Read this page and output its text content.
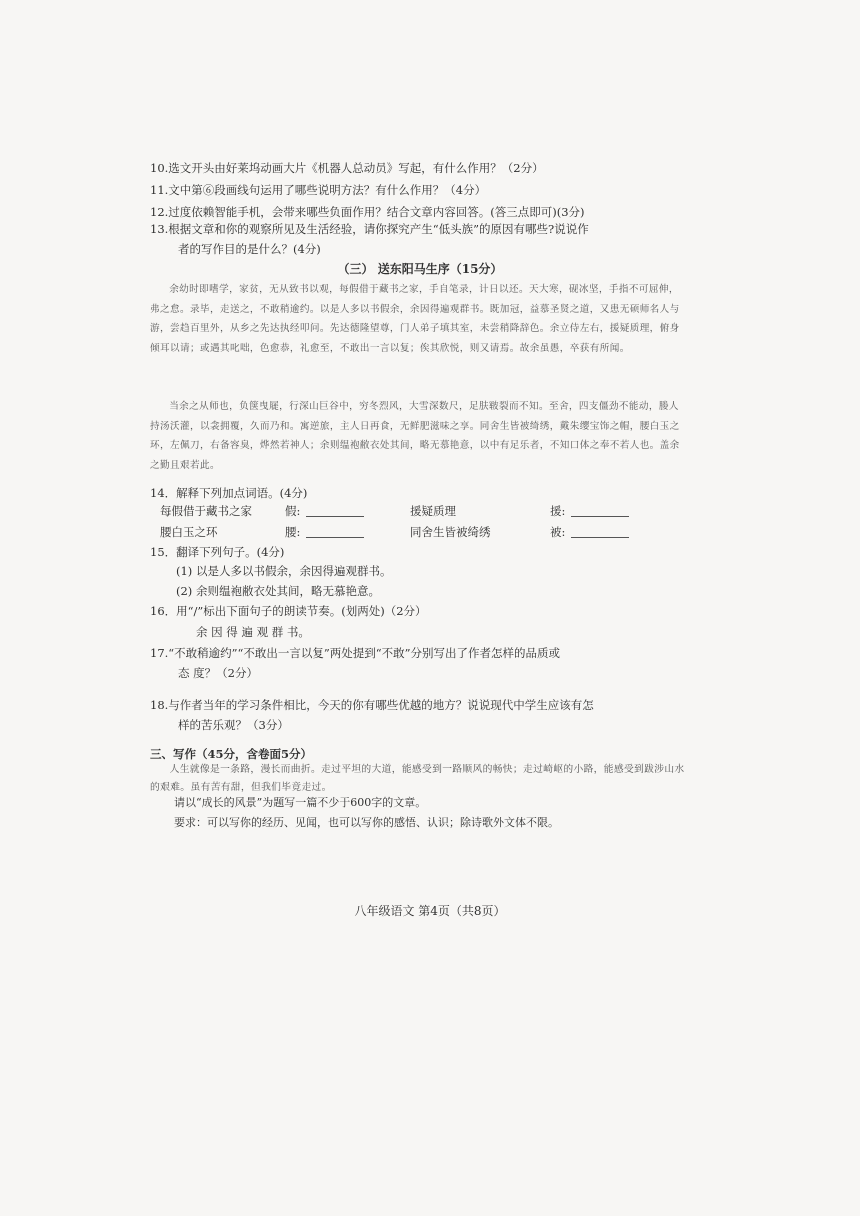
10.选文开头由好莱坞动画大片《机器人总动员》写起，有什么作用？（2分）
11.文中第⑥段画线句运用了哪些说明方法？有什么作用？（4分）
12.过度依赖智能手机，会带来哪些负面作用？结合文章内容回答。(答三点即可)(3分)
13.根据文章和你的观察所见及生活经验，请你探究产生“低头族”的原因有哪些?说说作
者的写作目的是什么？(4分)
（三） 送东阳马生序（15分）
余幼时即嗜学，家贫，无从致书以观，每假借于藏书之家，手自笔录，计日以还。天大寒，砚冰坚，手指不可屈伸，弗之怠。录毕，走送之，不敢稍逾约。以是人多以书假余，余因得遍观群书。既加冠，益慕圣贤之道，又患无硕师名人与游，尝趋百里外，从乡之先达执经叩问。先达德隆望尊，门人弟子填其室，未尝稍降辞色。余立侍左右，援疑质理，俯身倾耳以请；或遇其叱咄，色愈恭，礼愈至，不敢出一言以复；俟其欣悦，则又请焉。故余虽愚，卒获有所闻。
当余之从师也，负箧曳屣，行深山巨谷中，穷冬烈风，大雪深数尺，足肤皲裂而不知。至舍，四支僵劲不能动，媵人持汤沃灌，以衾拥覆，久而乃和。寓逆旅，主人日再食，无鲜肥滋味之享。同舍生皆被绮绣，戴朱缨宝饰之帽，腰白玉之环，左佩刀，右备容臭，烨然若神人；余则缊袍敝衣处其间，略无慕艳意，以中有足乐者，不知口体之奉不若人也。盖余之勤且艰若此。
14．解释下列加点词语。(4分)
每假借于藏书之家	假:	援疑质理	援:
腰白玉之环	腰:	同舍生皆被绮绣	被:
15．翻译下列句子。(4分)
(1) 以是人多以书假余，余因得遍观群书。
(2) 余则缊袍敝衣处其间，略无慕艳意。
16．用“/”标出下面句子的朗读节奏。(划两处)（2分）
余 因 得 遍 观 群 书。
17.“不敢稍逾约”“不敢出一言以复”两处提到“不敢”分别写出了作者怎样的品质或
态 度？（2分）
18.与作者当年的学习条件相比，今天的你有哪些优越的地方？说说现代中学生应该有怎
样的苦乐观？（3分）
三、写作（45分，含卷面5分）
人生就像是一条路，漫长而曲折。走过平坦的大道，能感受到一路顺风的畅快；走过崎岖的小路，能感受到跋涉山水的艰难。虽有苦有甜，但我们毕竟走过。
请以“成长的风景”为题写一篇不少于600字的文章。
要求：可以写你的经历、见闻，也可以写你的感悟、认识；除诗歌外文体不限。
八年级语文 第4页（共8页）
